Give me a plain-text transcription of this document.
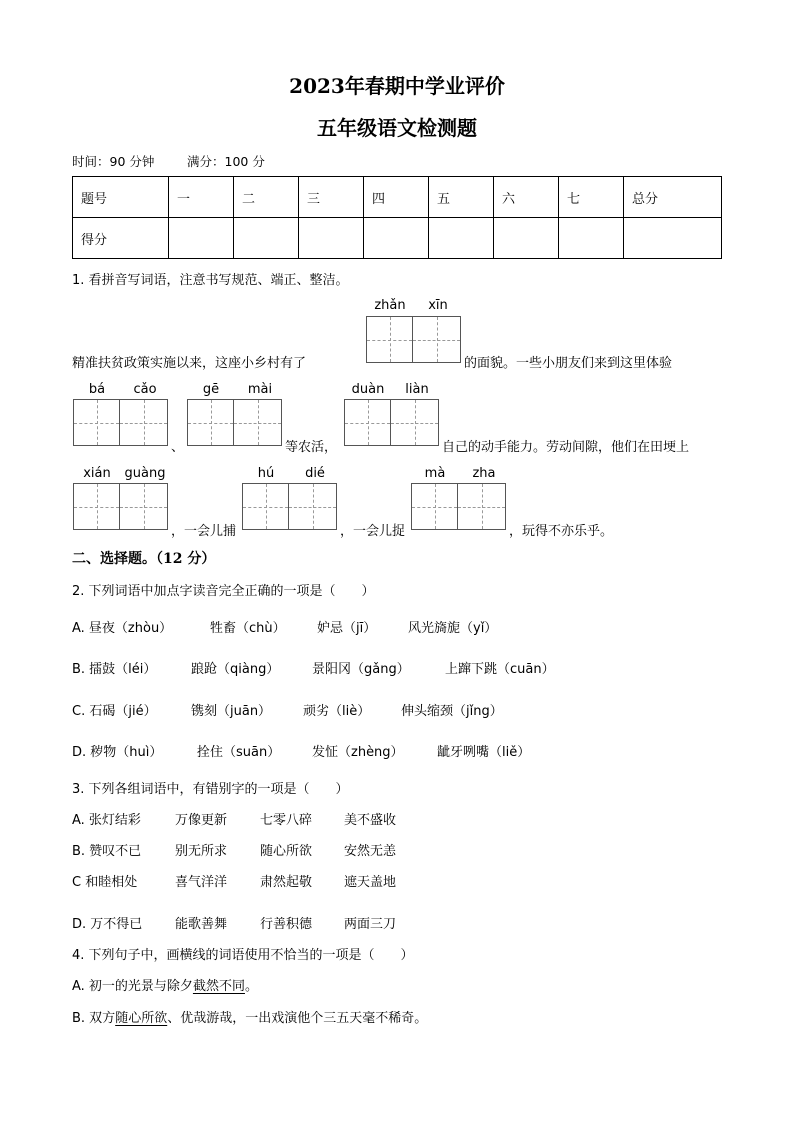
2023年春期中学业评价
五年级语文检测题
时间：90 分钟	满分：100 分
题号	一	二	三	四	五	六	七	总分
得分								
1. 看拼音写词语，注意书写规范、端正、整洁。
zhǎn	xīn
精准扶贫政策实施以来，这座小乡村有了	的面貌。一些小朋友们来到这里体验
bá	cǎo
、
gē	mài
等农活，
duàn	liàn
自己的动手能力。劳动间隙，他们在田埂上
xián	guàng
，一会儿捕
hú	dié
，一会儿捉
mà	zha
，玩得不亦乐乎。
二、选择题。（12 分）
2. 下列词语中加点字读音完全正确的一项是（　　）
A. 昼夜（zhòu）	牲畜（chù） 妒忌（jī） 风光旖旎（yǐ）
B. 擂鼓（léi）	踉跄（qiàng）	景阳冈（gǎng）	上蹿下跳（cuān）
C. 石碣（jié）	镌刻（juān） 顽劣（liè） 伸头缩颈（jǐng）
D. 秽物（huì）	拴住（suān） 发怔（zhèng）	龇牙咧嘴（liě）
3. 下列各组词语中，有错别字的一项是（　　）
A. 张灯结彩	万像更新	七零八碎 美不盛收
B. 赞叹不已	别无所求	随心所欲 安然无恙
C 和睦相处	喜气洋洋	肃然起敬 遮天盖地
D. 万不得已	能歌善舞	行善积德 两面三刀
4. 下列句子中，画横线的词语使用不恰当的一项是（　　）
A. 初一的光景与除夕截然不同。
B. 双方随心所欲、优哉游哉，一出戏演他个三五天毫不稀奇。
